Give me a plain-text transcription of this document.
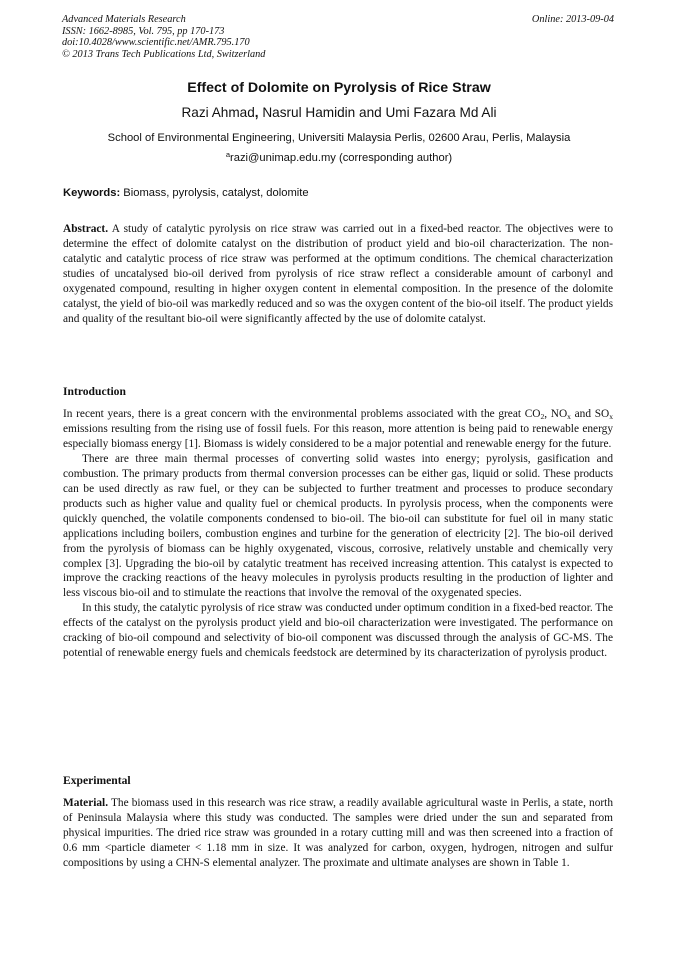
Advanced Materials Research
ISSN: 1662-8985, Vol. 795, pp 170-173
doi:10.4028/www.scientific.net/AMR.795.170
© 2013 Trans Tech Publications Ltd, Switzerland
Online: 2013-09-04
Effect of Dolomite on Pyrolysis of Rice Straw
Razi Ahmad, Nasrul Hamidin and Umi Fazara Md Ali
School of Environmental Engineering, Universiti Malaysia Perlis, 02600 Arau, Perlis, Malaysia
$^a$razi@unimap.edu.my (corresponding author)
Keywords: Biomass, pyrolysis, catalyst, dolomite

Abstract. A study of catalytic pyrolysis on rice straw was carried out in a fixed-bed reactor. The objectives were to determine the effect of dolomite catalyst on the distribution of product yield and bio-oil characterization. The non-catalytic and catalytic process of rice straw was performed at the optimum conditions. The chemical characterization studies of uncatalysed bio-oil derived from pyrolysis of rice straw reflect a considerable amount of carbonyl and oxygenated compound, resulting in higher oxygen content in elemental composition. In the presence of the dolomite catalyst, the yield of bio-oil was markedly reduced and so was the oxygen content of the bio-oil itself. The product yields and quality of the resultant bio-oil were significantly affected by the use of dolomite catalyst.

Introduction

In recent years, there is a great concern with the environmental problems associated with the great $CO_2$, $NO_x$ and $SO_x$ emissions resulting from the rising use of fossil fuels. For this reason, more attention is being paid to renewable energy especially biomass energy [1]. Biomass is widely considered to be a major potential and renewable energy for the future.

There are three main thermal processes of converting solid wastes into energy; pyrolysis, gasification and combustion. The primary products from thermal conversion processes can be either gas, liquid or solid. These products can be used directly as raw fuel, or they can be subjected to further treatment and processes to produce secondary products such as higher value and quality fuel or chemical products. In pyrolysis process, when the components were quickly quenched, the volatile components condensed to bio-oil. The bio-oil can substitute for fuel oil in many static applications including boilers, combustion engines and turbine for the generation of electricity [2]. The bio-oil derived from the pyrolysis of biomass can be highly oxygenated, viscous, corrosive, relatively unstable and chemically very complex [3]. Upgrading the bio-oil by catalytic treatment has received increasing attention. This catalyst is expected to improve the cracking reactions of the heavy molecules in pyrolysis products resulting in the production of lighter and less viscous bio-oil and to stimulate the reactions that involve the removal of the oxygenated species.

In this study, the catalytic pyrolysis of rice straw was conducted under optimum condition in a fixed-bed reactor. The effects of the catalyst on the pyrolysis product yield and bio-oil characterization were investigated. The performance on cracking of bio-oil compound and selectivity of bio-oil component was discussed through the analysis of GC-MS. The potential of renewable energy fuels and chemicals feedstock are determined by its characterization of pyrolysis product.

Experimental

Material. The biomass used in this research was rice straw, a readily available agricultural waste in Perlis, a state, north of Peninsula Malaysia where this study was conducted. The samples were dried under the sun and separated from physical impurities. The dried rice straw was grounded in a rotary cutting mill and was then screened into a fraction of 0.6 mm <particle diameter < 1.18 mm in size. It was analyzed for carbon, oxygen, hydrogen, nitrogen and sulfur compositions by using a CHN-S elemental analyzer. The proximate and ultimate analyses are shown in Table 1.
